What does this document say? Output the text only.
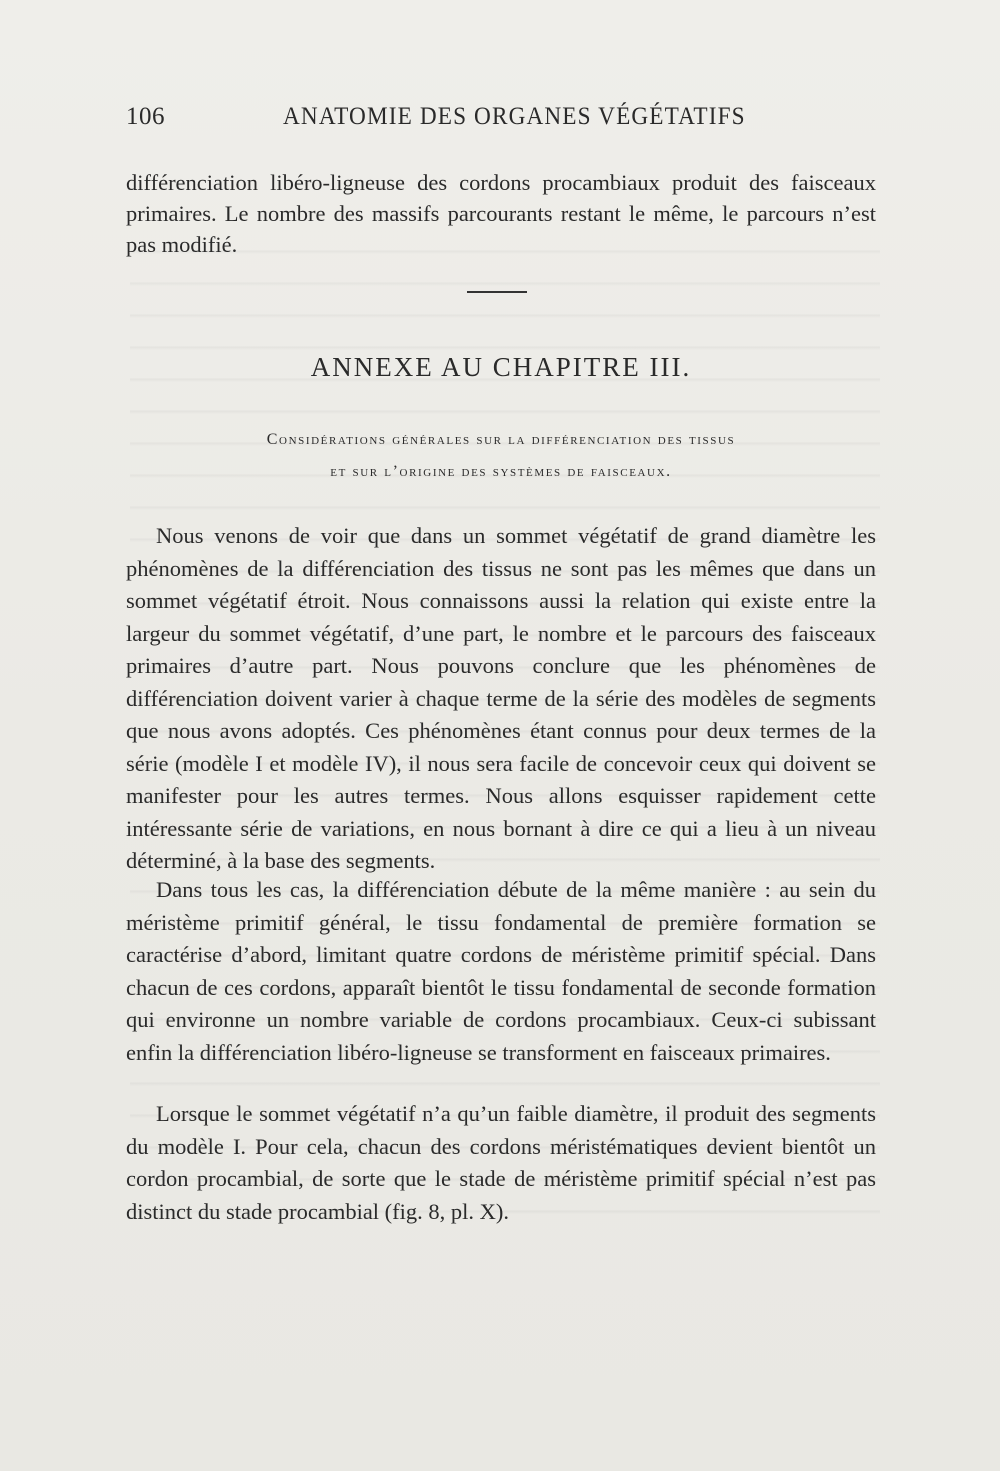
106	ANATOMIE DES ORGANES VÉGÉTATIFS
différenciation libéro-ligneuse des cordons procambiaux produit des faisceaux primaires. Le nombre des massifs parcourants restant le même, le parcours n’est pas modifié.
ANNEXE AU CHAPITRE III.
Considérations générales sur la différenciation des tissus
et sur l’origine des systèmes de faisceaux.
Nous venons de voir que dans un sommet végétatif de grand diamètre les phénomènes de la différenciation des tissus ne sont pas les mêmes que dans un sommet végétatif étroit. Nous connaissons aussi la relation qui existe entre la largeur du sommet végétatif, d’une part, le nombre et le parcours des faisceaux primaires d’autre part. Nous pouvons conclure que les phénomènes de différenciation doivent varier à chaque terme de la série des modèles de segments que nous avons adoptés. Ces phénomènes étant connus pour deux termes de la série (modèle I et modèle IV), il nous sera facile de concevoir ceux qui doivent se manifester pour les autres termes. Nous allons esquisser rapidement cette intéressante série de variations, en nous bornant à dire ce qui a lieu à un niveau déterminé, à la base des segments.
Dans tous les cas, la différenciation débute de la même manière : au sein du méristème primitif général, le tissu fondamental de première formation se caractérise d’abord, limitant quatre cordons de méristème primitif spécial. Dans chacun de ces cordons, apparaît bientôt le tissu fondamental de seconde formation qui environne un nombre variable de cordons procambiaux. Ceux-ci subissant enfin la différenciation libéro-ligneuse se transforment en faisceaux primaires.
Lorsque le sommet végétatif n’a qu’un faible diamètre, il produit des segments du modèle I. Pour cela, chacun des cordons méristématiques devient bientôt un cordon procambial, de sorte que le stade de méristème primitif spécial n’est pas distinct du stade procambial (fig. 8, pl. X).
